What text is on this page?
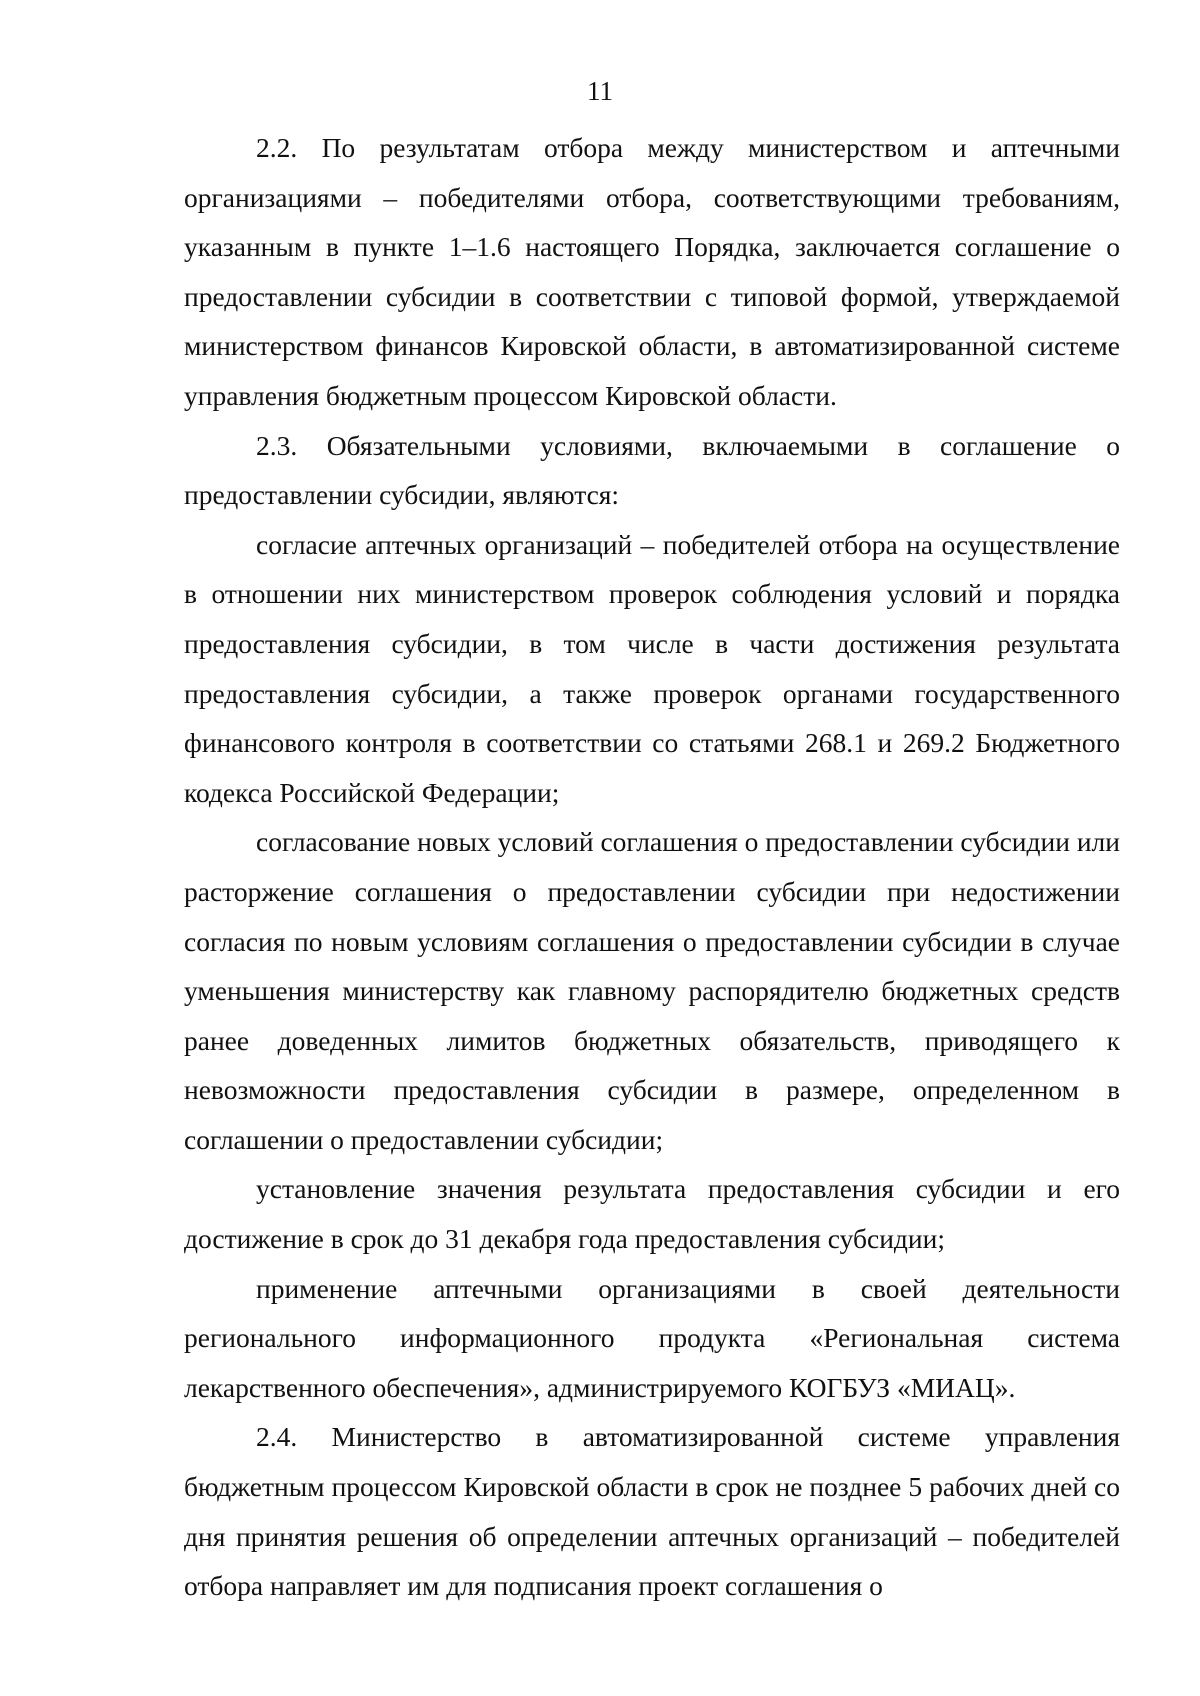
11

2.2. По результатам отбора между министерством и аптечными организациями – победителями отбора, соответствующими требованиям, указанным в пункте 1–1.6 настоящего Порядка, заключается соглашение о предоставлении субсидии в соответствии с типовой формой, утверждаемой министерством финансов Кировской области, в автоматизированной системе управления бюджетным процессом Кировской области.

2.3. Обязательными условиями, включаемыми в соглашение о предоставлении субсидии, являются:

согласие аптечных организаций – победителей отбора на осуществление в отношении них министерством проверок соблюдения условий и порядка предоставления субсидии, в том числе в части достижения результата предоставления субсидии, а также проверок органами государственного финансового контроля в соответствии со статьями 268.1 и 269.2 Бюджетного кодекса Российской Федерации;

согласование новых условий соглашения о предоставлении субсидии или расторжение соглашения о предоставлении субсидии при недостижении согласия по новым условиям соглашения о предоставлении субсидии в случае уменьшения министерству как главному распорядителю бюджетных средств ранее доведенных лимитов бюджетных обязательств, приводящего к невозможности предоставления субсидии в размере, определенном в соглашении о предоставлении субсидии;

установление значения результата предоставления субсидии и его достижение в срок до 31 декабря года предоставления субсидии;

применение аптечными организациями в своей деятельности регионального информационного продукта «Региональная система лекарственного обеспечения», администрируемого КОГБУЗ «МИАЦ».

2.4. Министерство в автоматизированной системе управления бюджетным процессом Кировской области в срок не позднее 5 рабочих дней со дня принятия решения об определении аптечных организаций – победителей отбора направляет им для подписания проект соглашения о
